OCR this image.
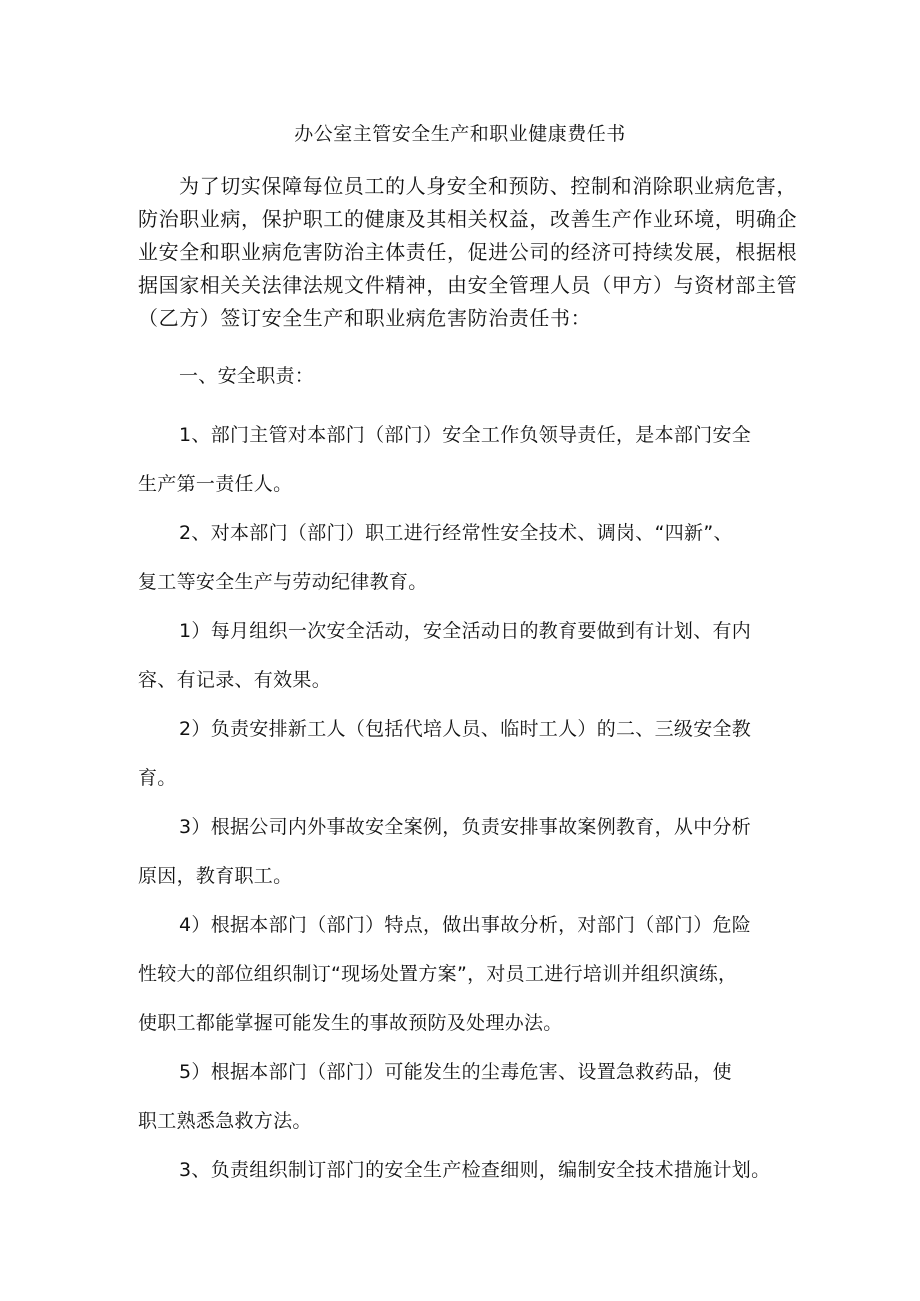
办公室主管安全生产和职业健康费任书
为了切实保障每位员工的人身安全和预防、控制和消除职业病危害，
防治职业病，保护职工的健康及其相关权益，改善生产作业环境，明确企
业安全和职业病危害防治主体责任，促进公司的经济可持续发展，根据根
据国家相关关法律法规文件精神，由安全管理人员（甲方）与资材部主管
（乙方）签订安全生产和职业病危害防治责任书：
一、安全职责：
1、部门主管对本部门（部门）安全工作负领导责任，是本部门安全
生产第一责任人。
2、对本部门（部门）职工进行经常性安全技术、调岗、“四新”、
复工等安全生产与劳动纪律教育。
1）每月组织一次安全活动，安全活动日的教育要做到有计划、有内
容、有记录、有效果。
2）负责安排新工人（包括代培人员、临时工人）的二、三级安全教
育。
3）根据公司内外事故安全案例，负责安排事故案例教育，从中分析
原因，教育职工。
4）根据本部门（部门）特点，做出事故分析，对部门（部门）危险
性较大的部位组织制订“现场处置方案”，对员工进行培训并组织演练，
使职工都能掌握可能发生的事故预防及处理办法。
5）根据本部门（部门）可能发生的尘毒危害、设置急救药品，使
职工熟悉急救方法。
3、负责组织制订部门的安全生产检查细则，编制安全技术措施计划。
